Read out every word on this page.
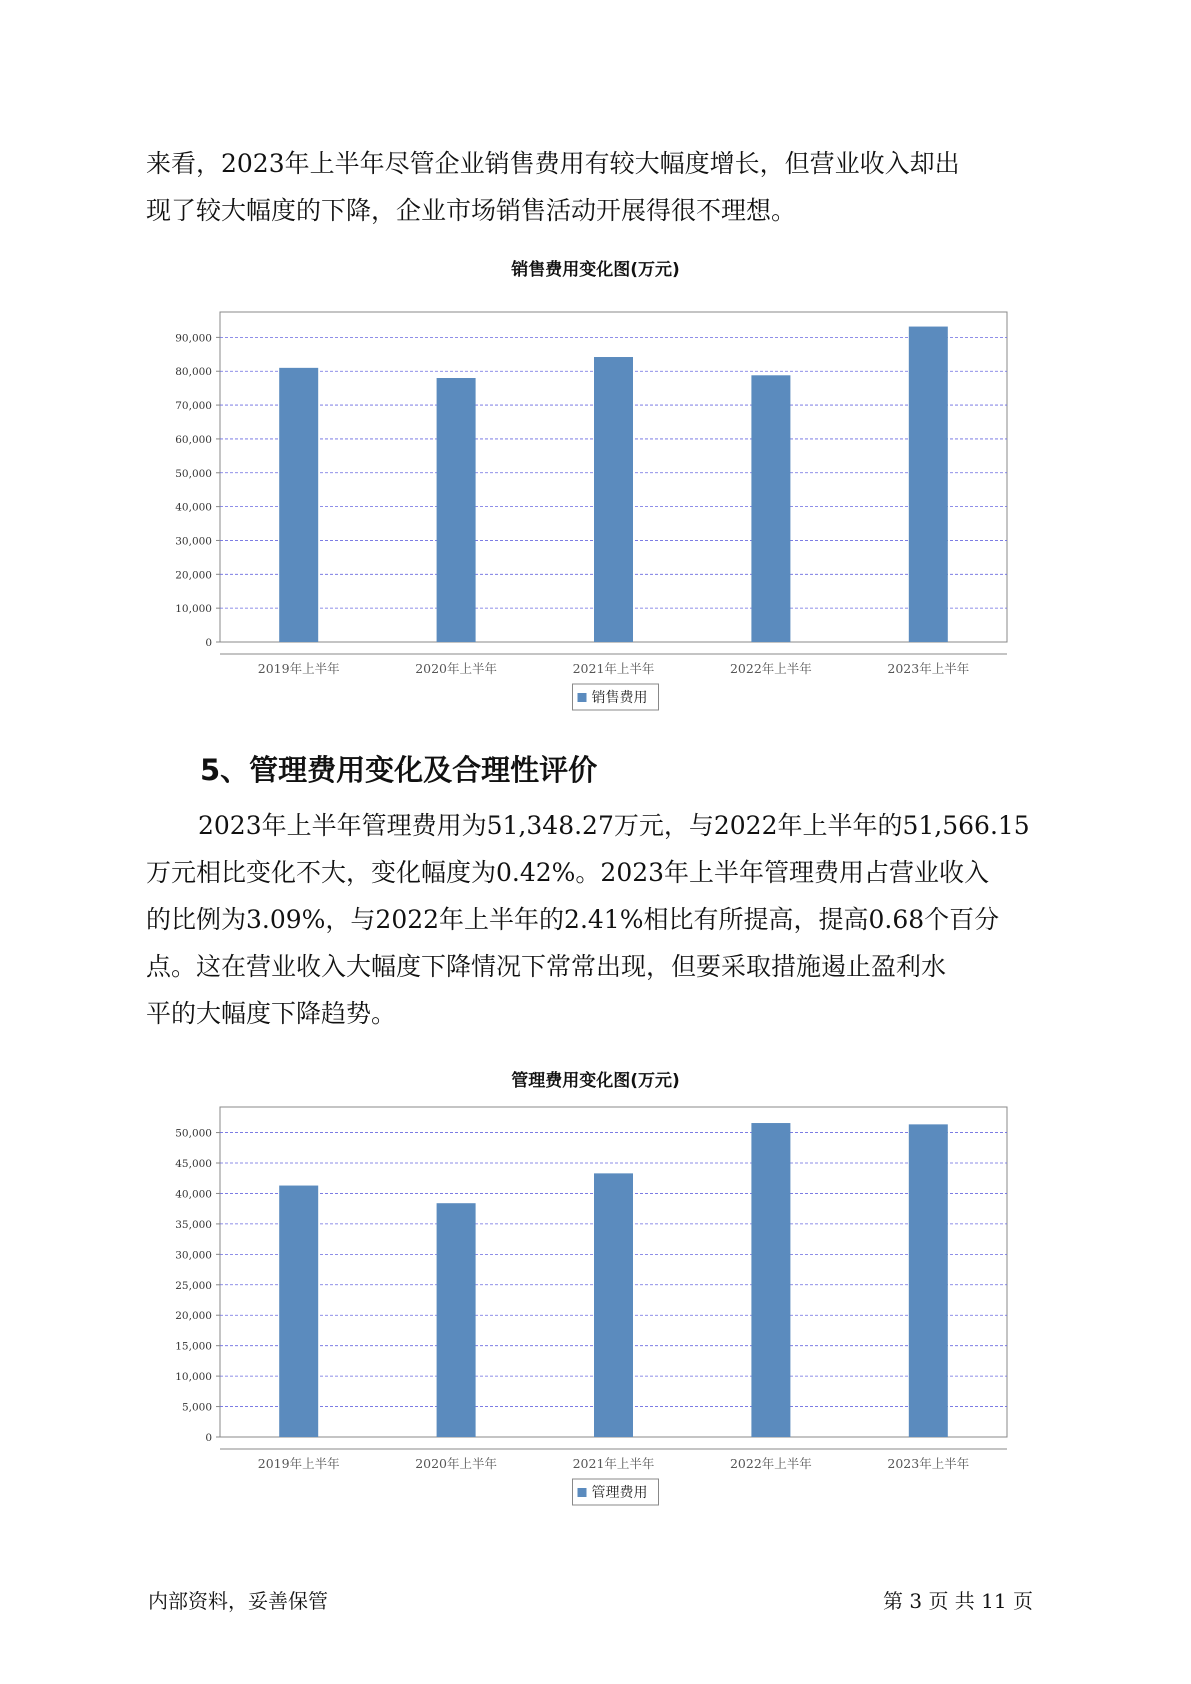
来看，2023年上半年尽管企业销售费用有较大幅度增长，但营业收入却出

现了较大幅度的下降，企业市场销售活动开展得很不理想。

销售费用变化图(万元)
0
10,000
20,000
30,000
40,000
50,000
60,000
70,000
80,000
90,000
2019年上半年	2020年上半年	2021年上半年	2022年上半年	2023年上半年
销售费用
5、管理费用变化及合理性评价

2023年上半年管理费用为51,348.27万元，与2022年上半年的51,566.15

万元相比变化不大，变化幅度为0.42%。2023年上半年管理费用占营业收入

的比例为3.09%，与2022年上半年的2.41%相比有所提高，提高0.68个百分

点。这在营业收入大幅度下降情况下常常出现，但要采取措施遏止盈利水

平的大幅度下降趋势。

管理费用变化图(万元)
0
5,000
10,000
15,000
20,000
25,000
30,000
35,000
40,000
45,000
50,000
2019年上半年	2020年上半年	2021年上半年	2022年上半年	2023年上半年
管理费用
内部资料，妥善保管	第 3 页 共 11 页
